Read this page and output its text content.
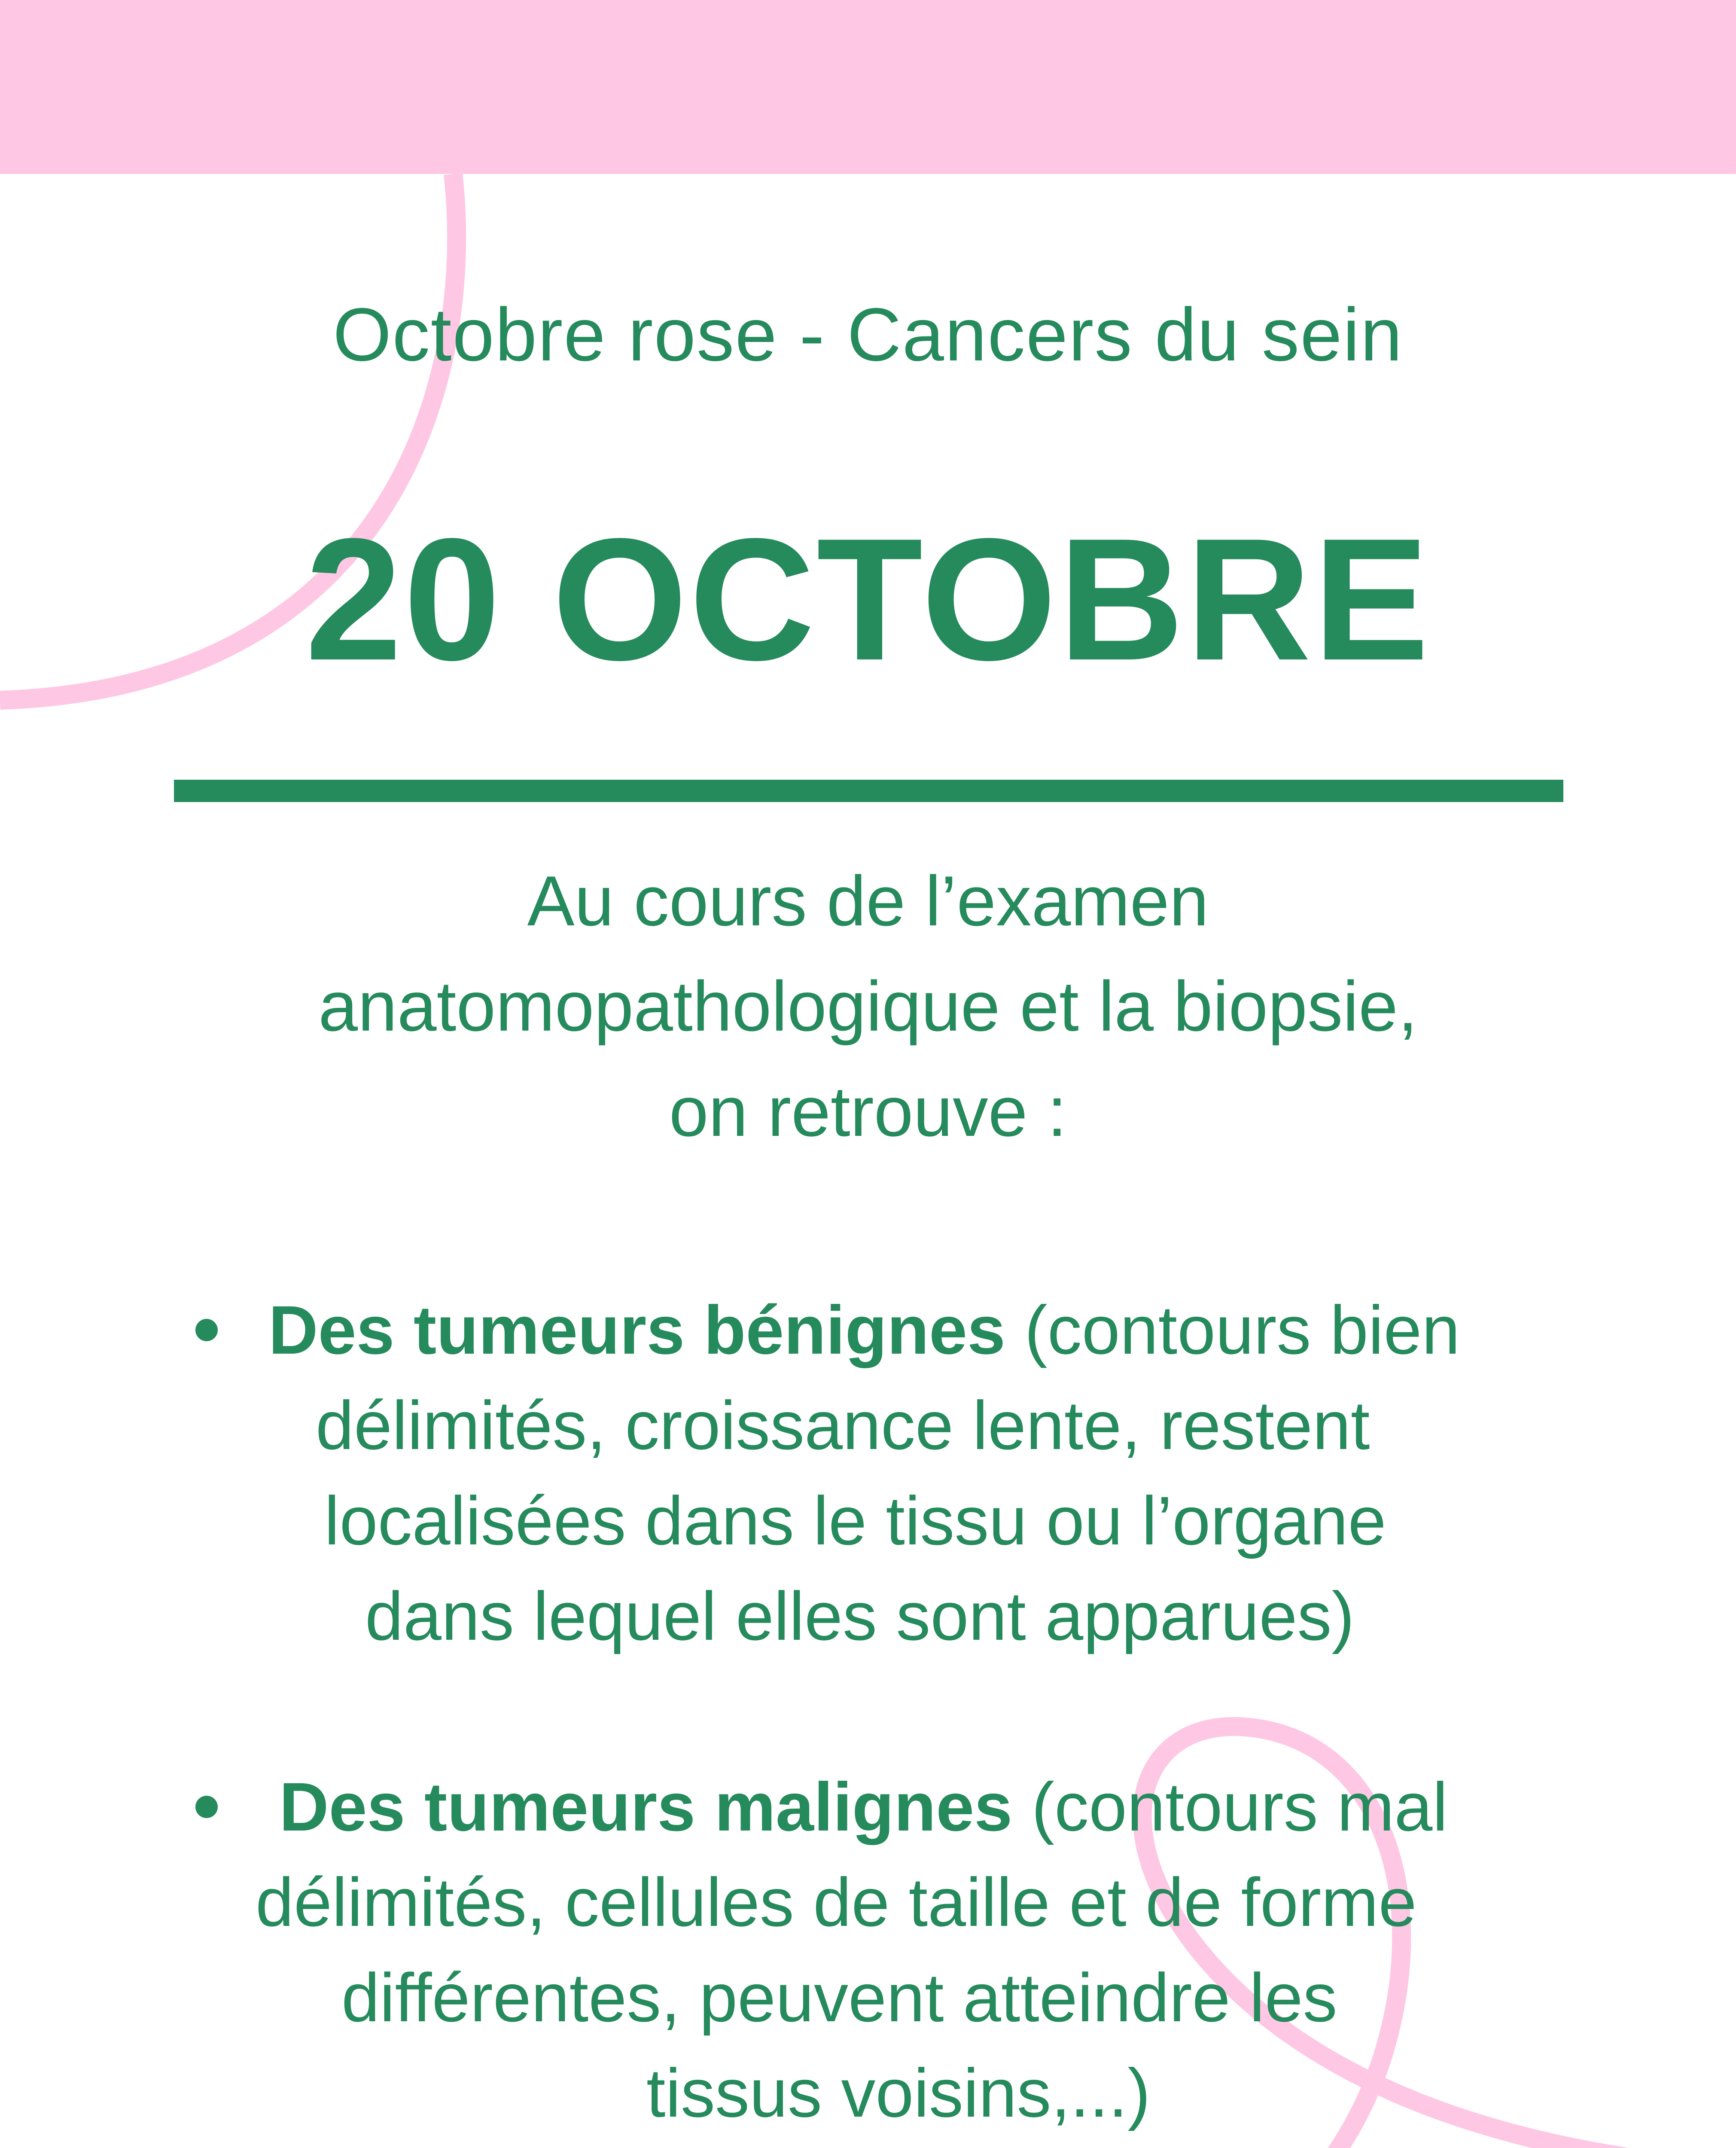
Octobre rose - Cancers du sein
20 OCTOBRE
Au cours de l’examen
anatomopathologique et la biopsie,
on retrouve :
Des tumeurs bénignes (contours bien
délimités, croissance lente, restent
localisées dans le tissu ou l’organe
dans lequel elles sont apparues)
Des tumeurs malignes (contours mal
délimités, cellules de taille et de forme
différentes, peuvent atteindre les
tissus voisins,...)
